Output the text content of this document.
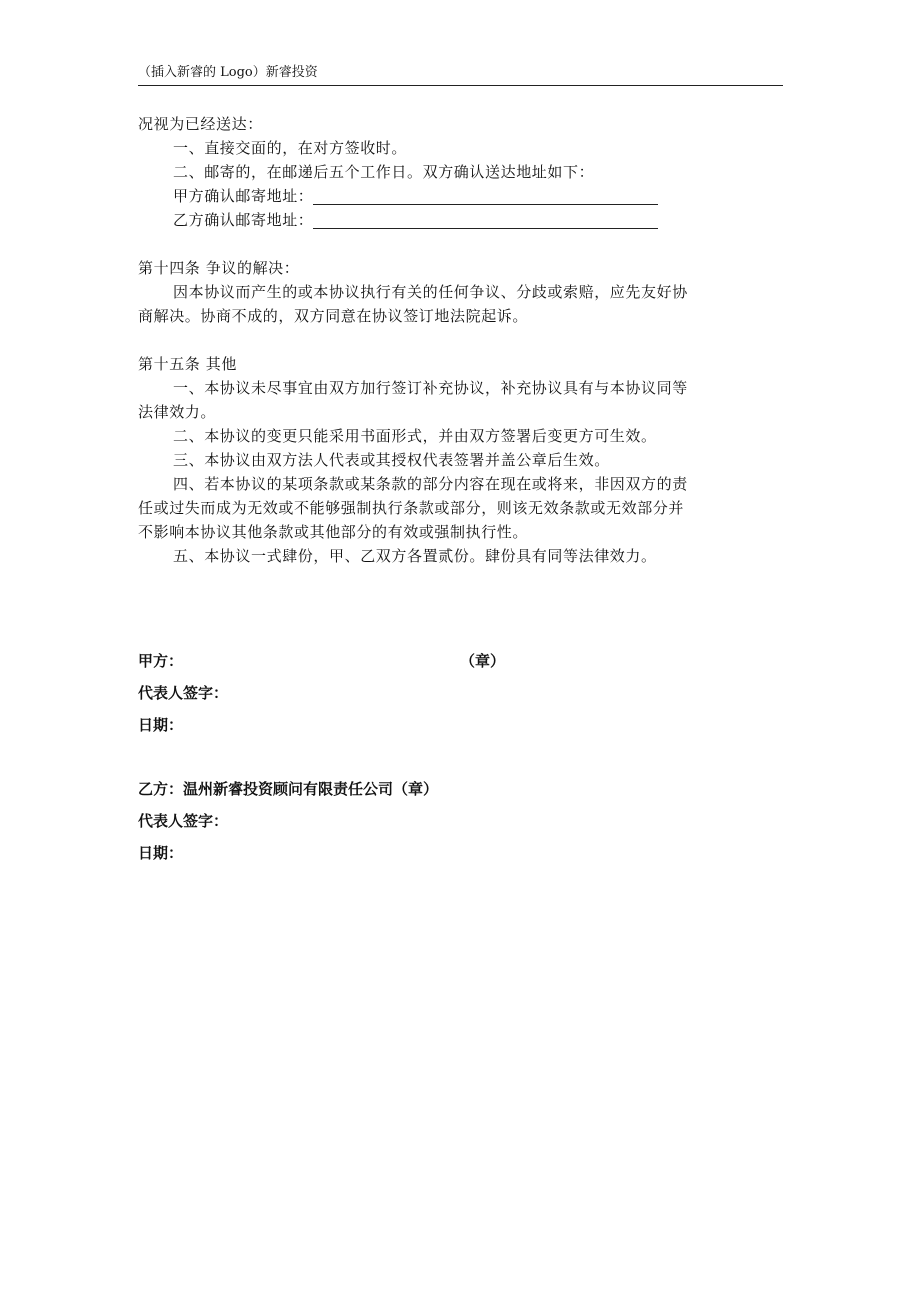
（插入新睿的 Logo）新睿投资
况视为已经送达：
一、直接交面的，在对方签收时。
二、邮寄的，在邮递后五个工作日。双方确认送达地址如下：
甲方确认邮寄地址：
乙方确认邮寄地址：
第十四条 争议的解决：
因本协议而产生的或本协议执行有关的任何争议、分歧或索赔，应先友好协
商解决。协商不成的，双方同意在协议签订地法院起诉。
第十五条 其他
一、本协议未尽事宜由双方加行签订补充协议，补充协议具有与本协议同等
法律效力。
二、本协议的变更只能采用书面形式，并由双方签署后变更方可生效。
三、本协议由双方法人代表或其授权代表签署并盖公章后生效。
四、若本协议的某项条款或某条款的部分内容在现在或将来，非因双方的责
任或过失而成为无效或不能够强制执行条款或部分，则该无效条款或无效部分并
不影响本协议其他条款或其他部分的有效或强制执行性。
五、本协议一式肆份，甲、乙双方各置贰份。肆份具有同等法律效力。
甲方：	（章）
代表人签字：
日期：
乙方：温州新睿投资顾问有限责任公司（章）
代表人签字：
日期：
